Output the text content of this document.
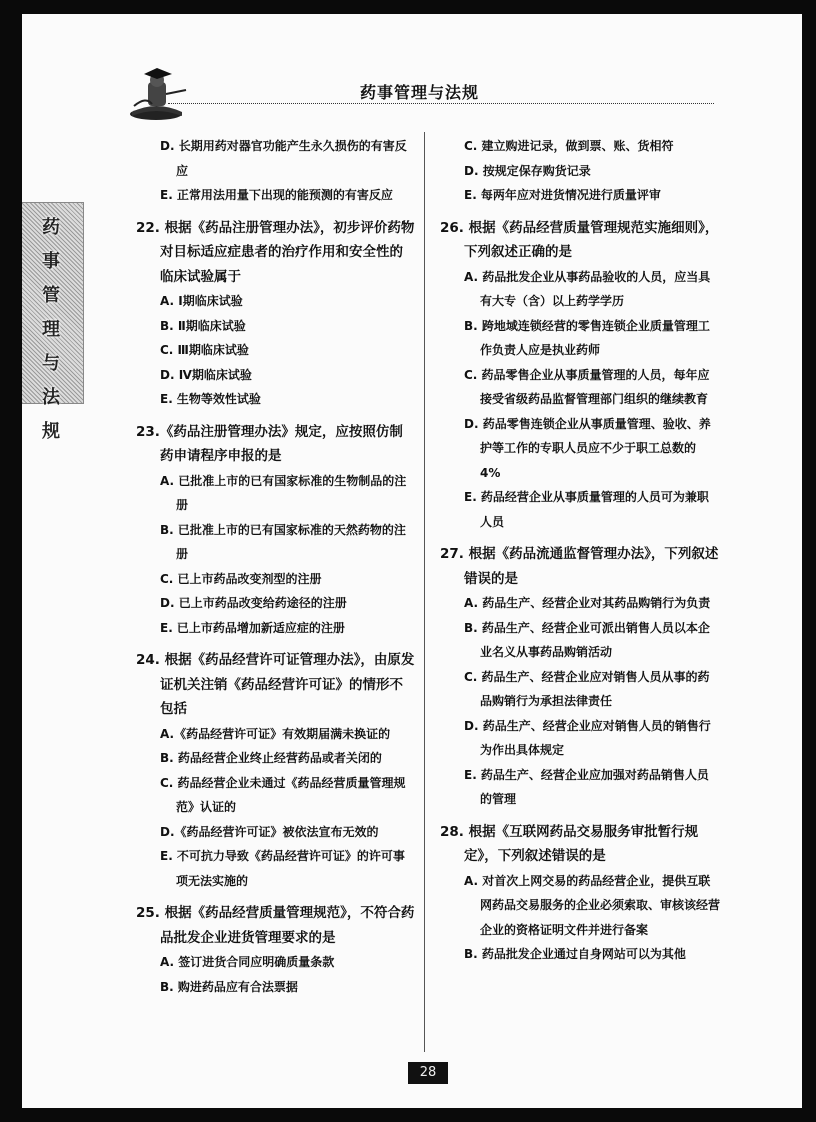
药事管理与法规
药事管理与法规
D. 长期用药对器官功能产生永久损伤的有害反应
E. 正常用法用量下出现的能预测的有害反应
22. 根据《药品注册管理办法》，初步评价药物对目标适应症患者的治疗作用和安全性的临床试验属于
A. Ⅰ期临床试验
B. Ⅱ期临床试验
C. Ⅲ期临床试验
D. Ⅳ期临床试验
E. 生物等效性试验
23.《药品注册管理办法》规定，应按照仿制药申请程序申报的是
A. 已批准上市的已有国家标准的生物制品的注册
B. 已批准上市的已有国家标准的天然药物的注册
C. 已上市药品改变剂型的注册
D. 已上市药品改变给药途径的注册
E. 已上市药品增加新适应症的注册
24. 根据《药品经营许可证管理办法》，由原发证机关注销《药品经营许可证》的情形不包括
A.《药品经营许可证》有效期届满未换证的
B. 药品经营企业终止经营药品或者关闭的
C. 药品经营企业未通过《药品经营质量管理规范》认证的
D.《药品经营许可证》被依法宣布无效的
E. 不可抗力导致《药品经营许可证》的许可事项无法实施的
25. 根据《药品经营质量管理规范》，不符合药品批发企业进货管理要求的是
A. 签订进货合同应明确质量条款
B. 购进药品应有合法票据
C. 建立购进记录，做到票、账、货相符
D. 按规定保存购货记录
E. 每两年应对进货情况进行质量评审
26. 根据《药品经营质量管理规范实施细则》，下列叙述正确的是
A. 药品批发企业从事药品验收的人员，应当具有大专（含）以上药学学历
B. 跨地域连锁经营的零售连锁企业质量管理工作负责人应是执业药师
C. 药品零售企业从事质量管理的人员，每年应接受省级药品监督管理部门组织的继续教育
D. 药品零售连锁企业从事质量管理、验收、养护等工作的专职人员应不少于职工总数的 4%
E. 药品经营企业从事质量管理的人员可为兼职人员
27. 根据《药品流通监督管理办法》，下列叙述错误的是
A. 药品生产、经营企业对其药品购销行为负责
B. 药品生产、经营企业可派出销售人员以本企业名义从事药品购销活动
C. 药品生产、经营企业应对销售人员从事的药品购销行为承担法律责任
D. 药品生产、经营企业应对销售人员的销售行为作出具体规定
E. 药品生产、经营企业应加强对药品销售人员的管理
28. 根据《互联网药品交易服务审批暂行规定》，下列叙述错误的是
A. 对首次上网交易的药品经营企业，提供互联网药品交易服务的企业必须索取、审核该经营企业的资格证明文件并进行备案
B. 药品批发企业通过自身网站可以为其他
28
